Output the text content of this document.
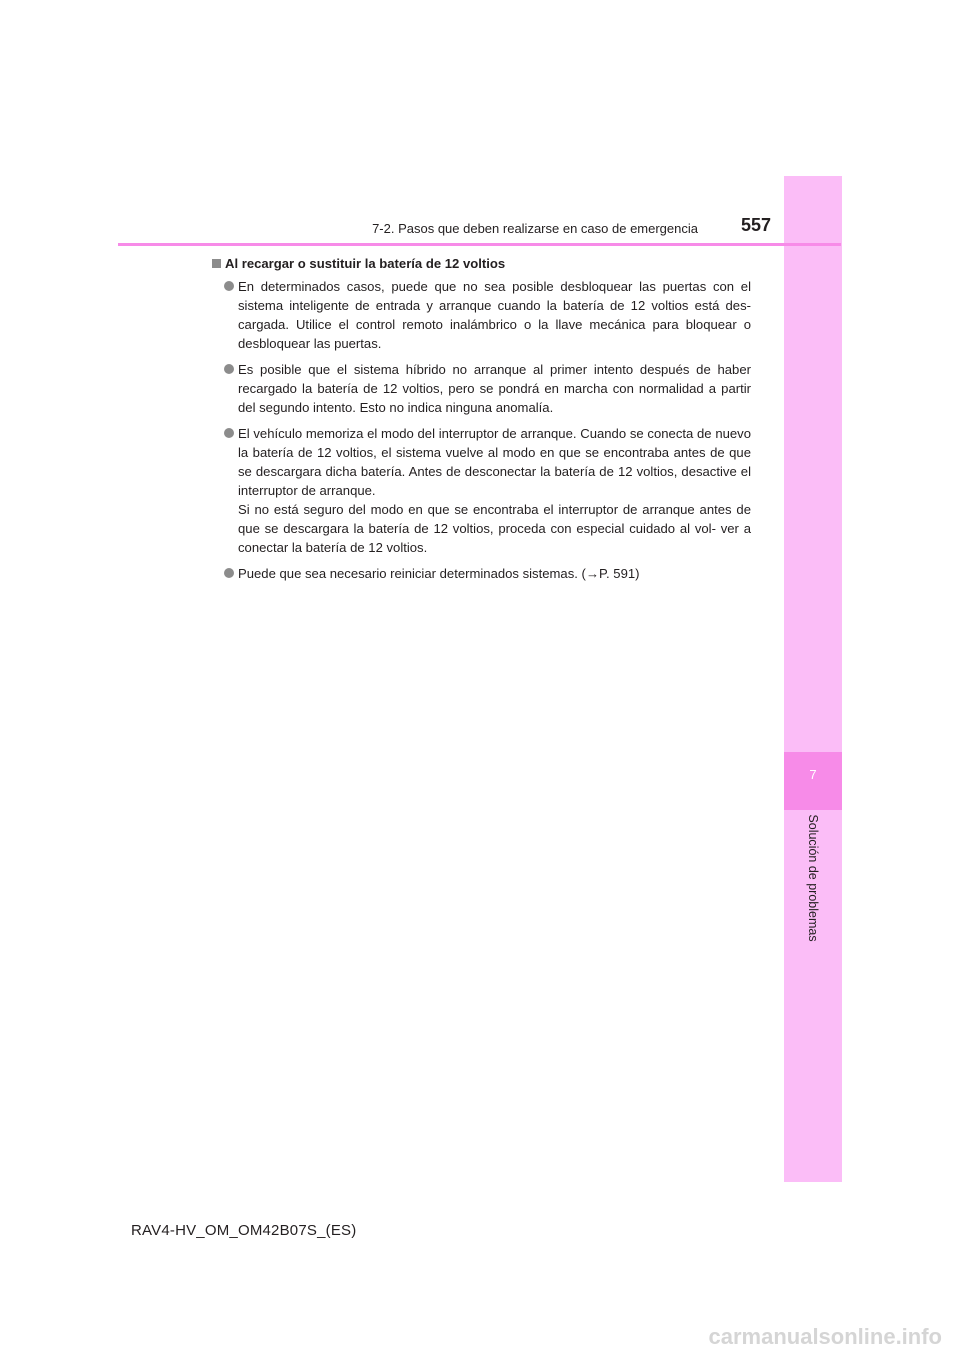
7
Solución de problemas
7-2. Pasos que deben realizarse en caso de emergencia 557
Al recargar o sustituir la batería de 12 voltios
En determinados casos, puede que no sea posible desbloquear las puertas con el sistema inteligente de entrada y arranque cuando la batería de 12 voltios está des- cargada. Utilice el control remoto inalámbrico o la llave mecánica para bloquear o desbloquear las puertas.
Es posible que el sistema híbrido no arranque al primer intento después de haber recargado la batería de 12 voltios, pero se pondrá en marcha con normalidad a partir del segundo intento. Esto no indica ninguna anomalía.
El vehículo memoriza el modo del interruptor de arranque. Cuando se conecta de nuevo la batería de 12 voltios, el sistema vuelve al modo en que se encontraba antes de que se descargara dicha batería. Antes de desconectar la batería de 12 voltios, desactive el interruptor de arranque.
Si no está seguro del modo en que se encontraba el interruptor de arranque antes de que se descargara la batería de 12 voltios, proceda con especial cuidado al vol- ver a conectar la batería de 12 voltios.
Puede que sea necesario reiniciar determinados sistemas. (→P. 591)
RAV4-HV_OM_OM42B07S_(ES)
carmanualsonline.info
